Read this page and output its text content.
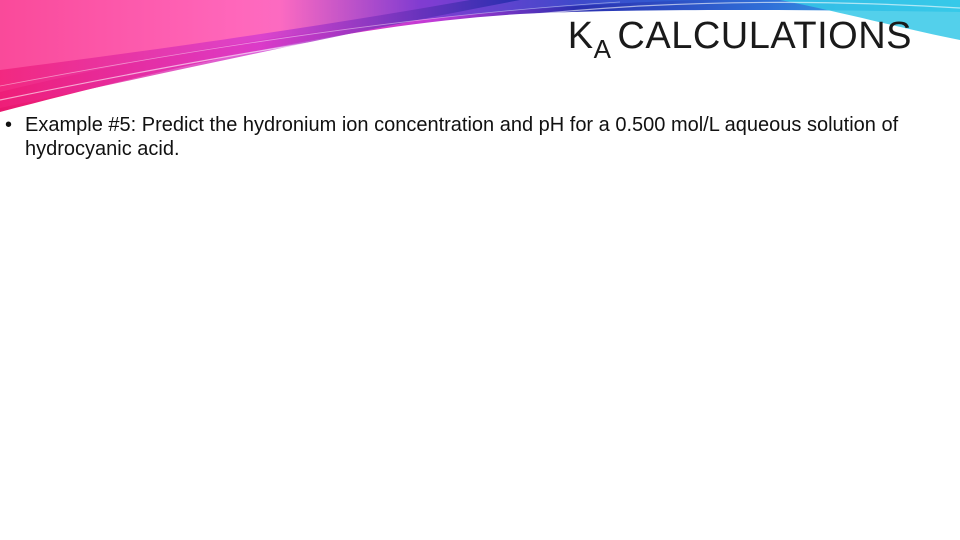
$K_A$ CALCULATIONS
• Example #5: Predict the hydronium ion concentration and pH for a 0.500 mol/L aqueous solution of hydrocyanic acid.
